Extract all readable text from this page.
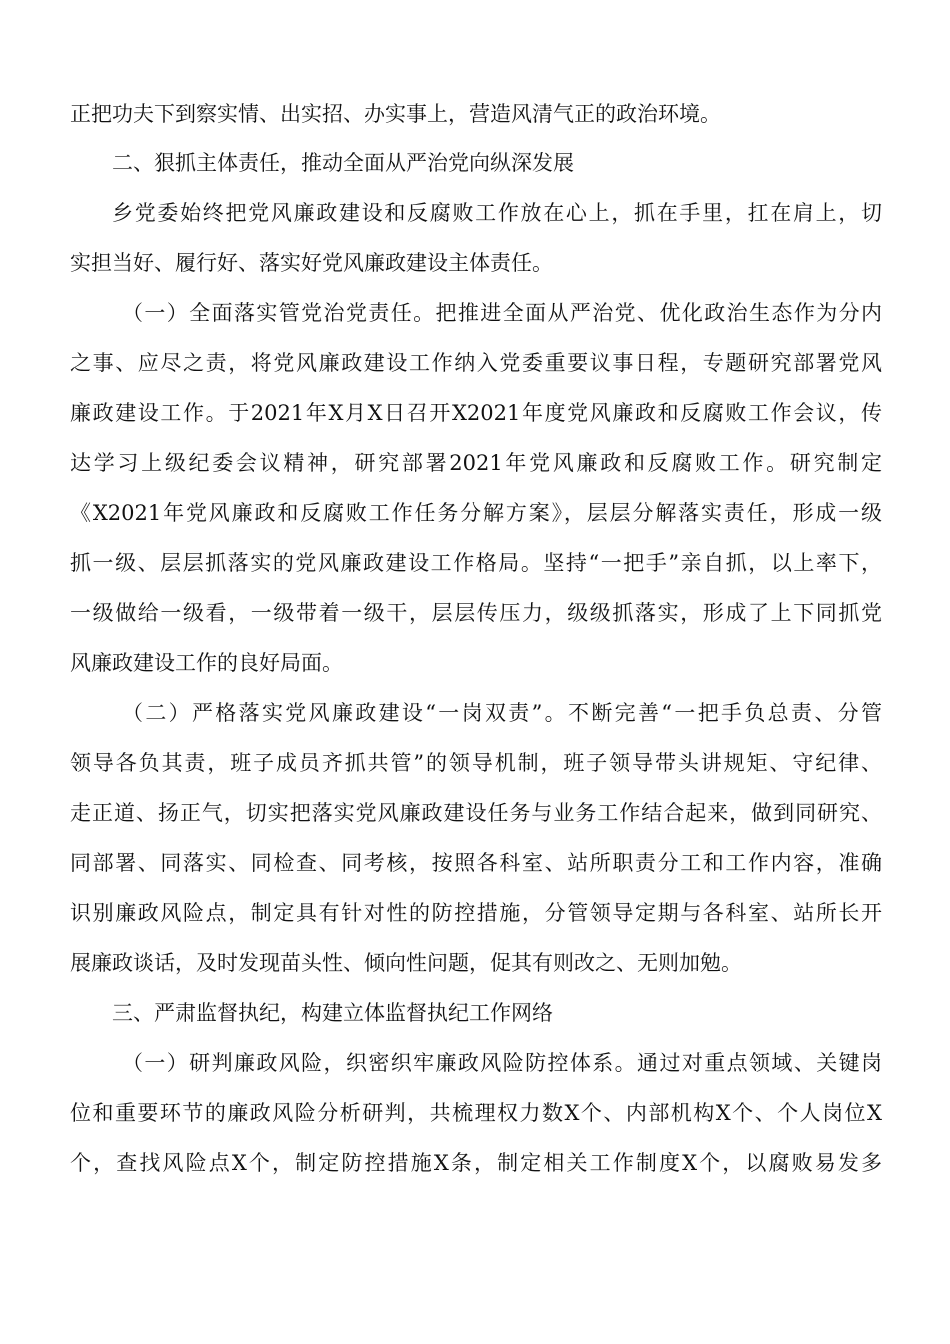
正把功夫下到察实情、出实招、办实事上，营造风清气正的政治环境。
二、狠抓主体责任，推动全面从严治党向纵深发展
乡党委始终把党风廉政建设和反腐败工作放在心上，抓在手里，扛在肩上，切
实担当好、履行好、落实好党风廉政建设主体责任。
（一）全面落实管党治党责任。把推进全面从严治党、优化政治生态作为分内
之事、应尽之责，将党风廉政建设工作纳入党委重要议事日程，专题研究部署党风
廉政建设工作。于2021年X月X日召开X2021年度党风廉政和反腐败工作会议，传
达学习上级纪委会议精神，研究部署2021年党风廉政和反腐败工作。研究制定
《X2021年党风廉政和反腐败工作任务分解方案》，层层分解落实责任，形成一级
抓一级、层层抓落实的党风廉政建设工作格局。坚持“一把手”亲自抓，以上率下，
一级做给一级看，一级带着一级干，层层传压力，级级抓落实，形成了上下同抓党
风廉政建设工作的良好局面。
（二）严格落实党风廉政建设“一岗双责”。不断完善“一把手负总责、分管
领导各负其责，班子成员齐抓共管”的领导机制，班子领导带头讲规矩、守纪律、
走正道、扬正气，切实把落实党风廉政建设任务与业务工作结合起来，做到同研究、
同部署、同落实、同检查、同考核，按照各科室、站所职责分工和工作内容，准确
识别廉政风险点，制定具有针对性的防控措施，分管领导定期与各科室、站所长开
展廉政谈话，及时发现苗头性、倾向性问题，促其有则改之、无则加勉。
三、严肃监督执纪，构建立体监督执纪工作网络
（一）研判廉政风险，织密织牢廉政风险防控体系。通过对重点领域、关键岗
位和重要环节的廉政风险分析研判，共梳理权力数X个、内部机构X个、个人岗位X
个，查找风险点X个，制定防控措施X条，制定相关工作制度X个，以腐败易发多
